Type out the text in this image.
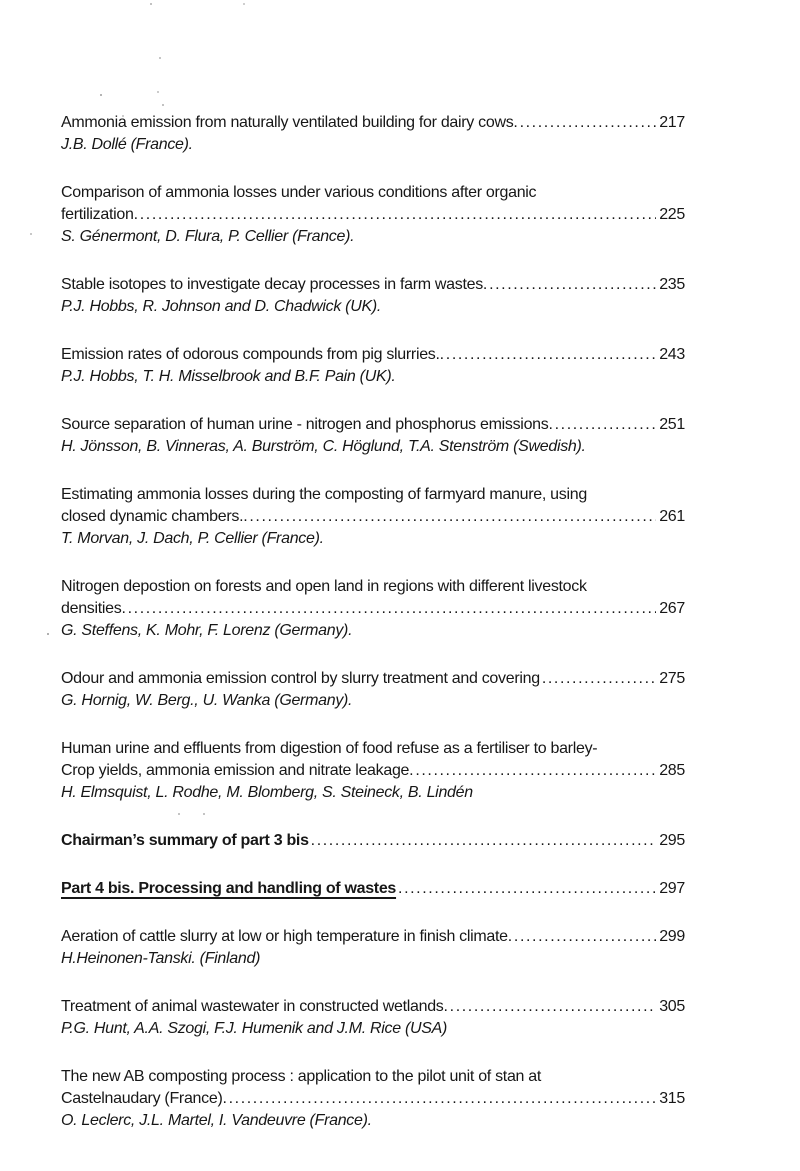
Ammonia emission from naturally ventilated building for dairy cows. .....	217
J.B. Dollé (France).
Comparison of ammonia losses under various conditions after organic
fertilization. .....	225
S. Génermont, D. Flura, P. Cellier (France).
Stable isotopes to investigate decay processes in farm wastes. .....	235
P.J. Hobbs, R. Johnson and D. Chadwick (UK).
Emission rates of odorous compounds from pig slurries.. .....	243
P.J. Hobbs, T. H. Misselbrook and B.F. Pain (UK).
Source separation of human urine - nitrogen and phosphorus emissions. .....	251
H. Jönsson, B. Vinneras, A. Burström, C. Höglund, T.A. Stenström (Swedish).
Estimating ammonia losses during the composting of farmyard manure, using
closed dynamic chambers.. .....	261
T. Morvan, J. Dach, P. Cellier (France).
Nitrogen depostion on forests and open land in regions with different livestock
densities. .....	267
G. Steffens, K. Mohr, F. Lorenz (Germany).
Odour and ammonia emission control by slurry treatment and covering .....	275
G. Hornig, W. Berg., U. Wanka (Germany).
Human urine and effluents from digestion of food refuse as a fertiliser to barley-
Crop yields, ammonia emission and nitrate leakage. .....	285
H. Elmsquist, L. Rodhe, M. Blomberg, S. Steineck, B. Lindén
Chairman’s summary of part 3 bis .....	295
Part 4 bis. Processing and handling of wastes .....	297
Aeration of cattle slurry at low or high temperature in finish climate. .....	299
H.Heinonen-Tanski. (Finland)
Treatment of animal wastewater in constructed wetlands. .....	305
P.G. Hunt, A.A. Szogi, F.J. Humenik and J.M. Rice (USA)
The new AB composting process : application to the pilot unit of stan at
Castelnaudary (France). .....	315
O. Leclerc, J.L. Martel, I. Vandeuvre (France).
